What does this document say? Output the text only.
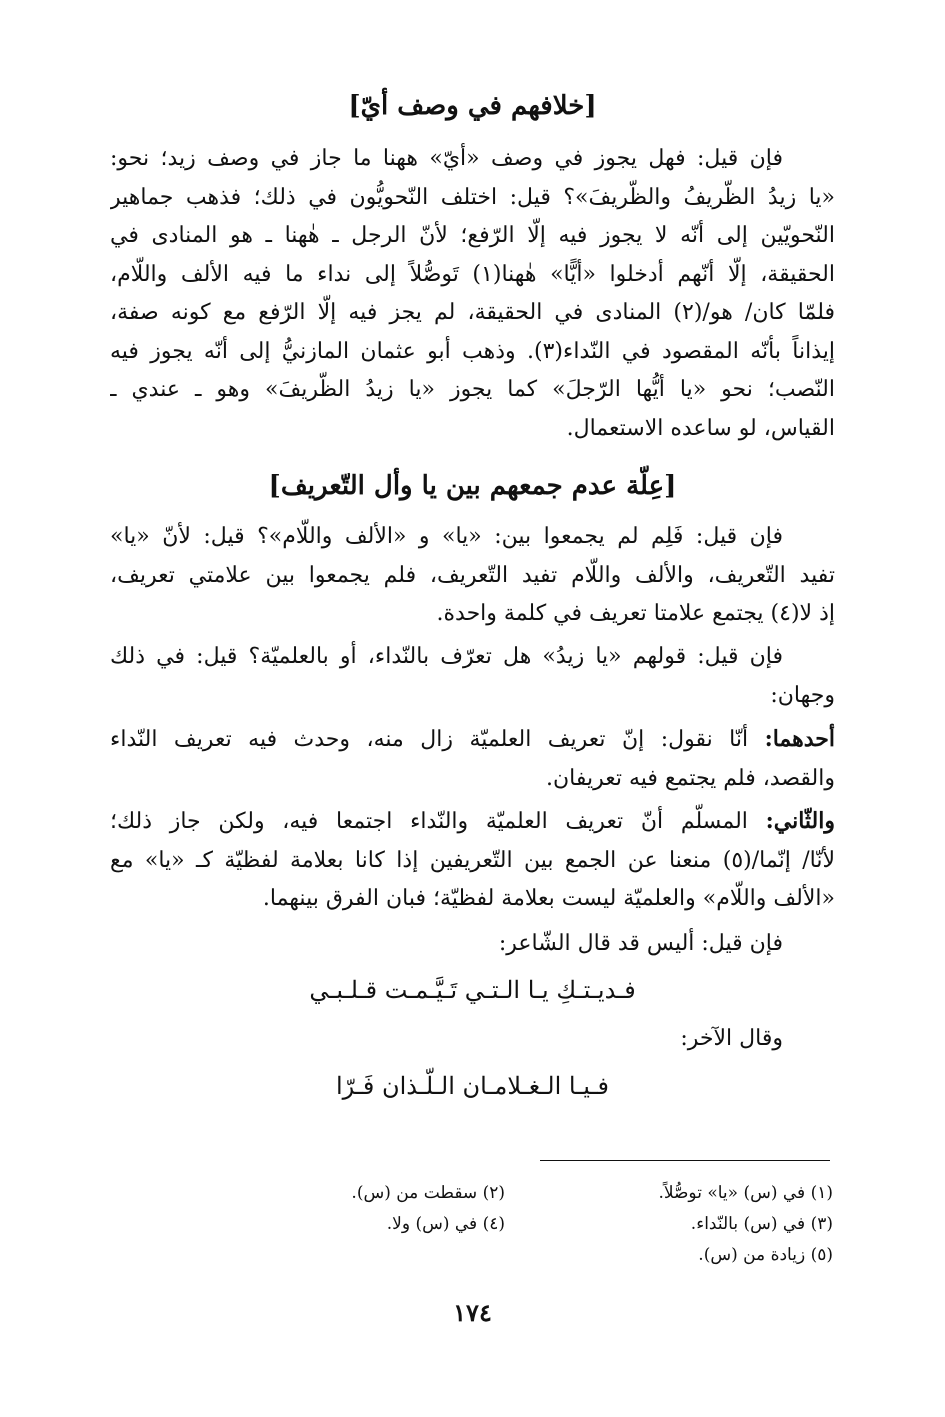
[خلافهم في وصف أيّ]
فإن قيل: فهل يجوز في وصف «أيّ» ههنا ما جاز في وصف زيد؛ نحو:
«يا زيدُ الظّريفُ والظّريفَ»؟ قيل: اختلف النّحويُّون في ذلك؛ فذهب جماهير
النّحويّين إلى أنّه لا يجوز فيه إلّا الرّفع؛ لأنّ الرجل ـ هٰهنا ـ هو المنادى في
الحقيقة، إلّا أنّهم أدخلوا «أيًّا» هٰهنا(١) تَوصُّلاً إلى نداء ما فيه الألف واللّام،
فلمّا كان/ هو/(٢) المنادى في الحقيقة، لم يجز فيه إلّا الرّفع مع كونه صفة،
إيذاناً بأنّه المقصود في النّداء(٣). وذهب أبو عثمان المازنيُّ إلى أنّه يجوز فيه
النّصب؛ نحو «يا أيُّها الرّجلَ» كما يجوز «يا زيدُ الظّريفَ» وهو ـ عندي ـ
القياس، لو ساعده الاستعمال.
[عِلّة عدم جمعهم بين يا وأل التّعريف]
فإن قيل: فَلِم لم يجمعوا بين: «يا» و «الألف واللّام»؟ قيل: لأنّ «يا»
تفيد التّعريف، والألف واللّام تفيد التّعريف، فلم يجمعوا بين علامتي تعريف،
إذ لا(٤) يجتمع علامتا تعريف في كلمة واحدة.
فإن قيل: قولهم «يا زيدُ» هل تعرّف بالنّداء، أو بالعلميّة؟ قيل: في ذلك
وجهان:
أحدهما: أنّا نقول: إنّ تعريف العلميّة زال منه، وحدث فيه تعريف النّداء
والقصد، فلم يجتمع فيه تعريفان.
والثّاني: المسلّم أنّ تعريف العلميّة والنّداء اجتمعا فيه، ولكن جاز ذلك؛
لأنّا/ إنّما/(٥) منعنا عن الجمع بين التّعريفين إذا كانا بعلامة لفظيّة كـ «يا» مع
«الألف واللّام» والعلميّة ليست بعلامة لفظيّة؛ فبان الفرق بينهما.
فإن قيل: أليس قد قال الشّاعر:
فـديـتـكِ يـا الـتـي تَـيَّـمـت قـلـبـي
وقال الآخر:
فـيـا الـغـلامـان الـلّـذان فَـرّا
(١) في (س) «يا» توصُّلاً.
(٢) سقطت من (س).
(٣) في (س) بالنّداء.
(٤) في (س) ولا.
(٥) زيادة من (س).
١٧٤
